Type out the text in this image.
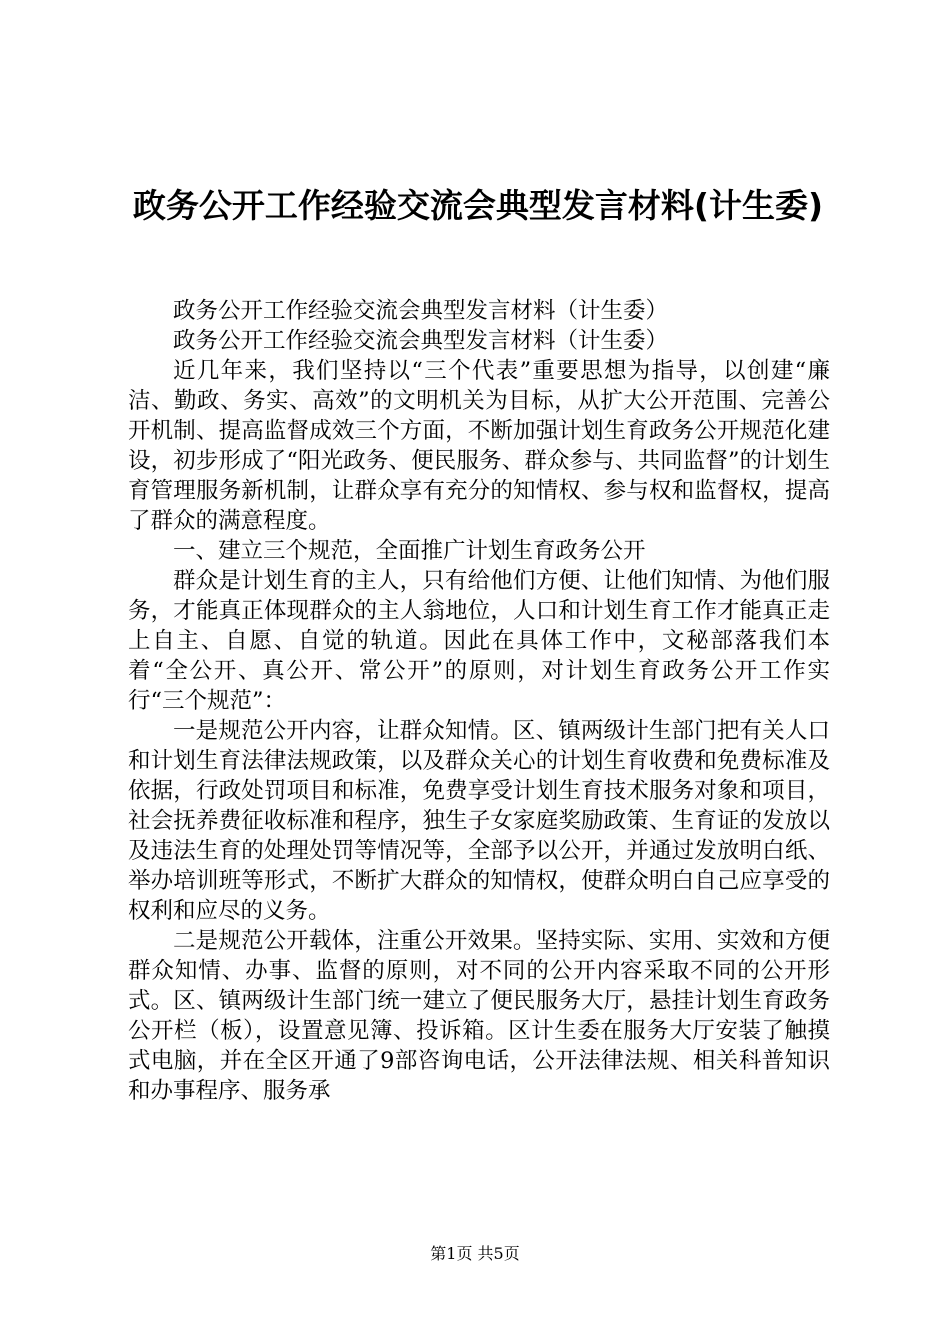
政务公开工作经验交流会典型发言材料(计生委)

政务公开工作经验交流会典型发言材料（计生委）

政务公开工作经验交流会典型发言材料（计生委）

近几年来，我们坚持以“三个代表”重要思想为指导，以创建“廉洁、勤政、务实、高效”的文明机关为目标，从扩大公开范围、完善公开机制、提高监督成效三个方面，不断加强计划生育政务公开规范化建设，初步形成了“阳光政务、便民服务、群众参与、共同监督”的计划生育管理服务新机制，让群众享有充分的知情权、参与权和监督权，提高了群众的满意程度。

一、建立三个规范，全面推广计划生育政务公开

群众是计划生育的主人，只有给他们方便、让他们知情、为他们服务，才能真正体现群众的主人翁地位，人口和计划生育工作才能真正走上自主、自愿、自觉的轨道。因此在具体工作中，文秘部落我们本着“全公开、真公开、常公开”的原则，对计划生育政务公开工作实行“三个规范”：

一是规范公开内容，让群众知情。区、镇两级计生部门把有关人口和计划生育法律法规政策，以及群众关心的计划生育收费和免费标准及依据，行政处罚项目和标准，免费享受计划生育技术服务对象和项目，社会抚养费征收标准和程序，独生子女家庭奖励政策、生育证的发放以及违法生育的处理处罚等情况等，全部予以公开，并通过发放明白纸、举办培训班等形式，不断扩大群众的知情权，使群众明白自己应享受的权利和应尽的义务。

二是规范公开载体，注重公开效果。坚持实际、实用、实效和方便群众知情、办事、监督的原则，对不同的公开内容采取不同的公开形式。区、镇两级计生部门统一建立了便民服务大厅，悬挂计划生育政务公开栏（板），设置意见簿、投诉箱。区计生委在服务大厅安装了触摸式电脑，并在全区开通了9部咨询电话，公开法律法规、相关科普知识和办事程序、服务承

第1页 共5页
